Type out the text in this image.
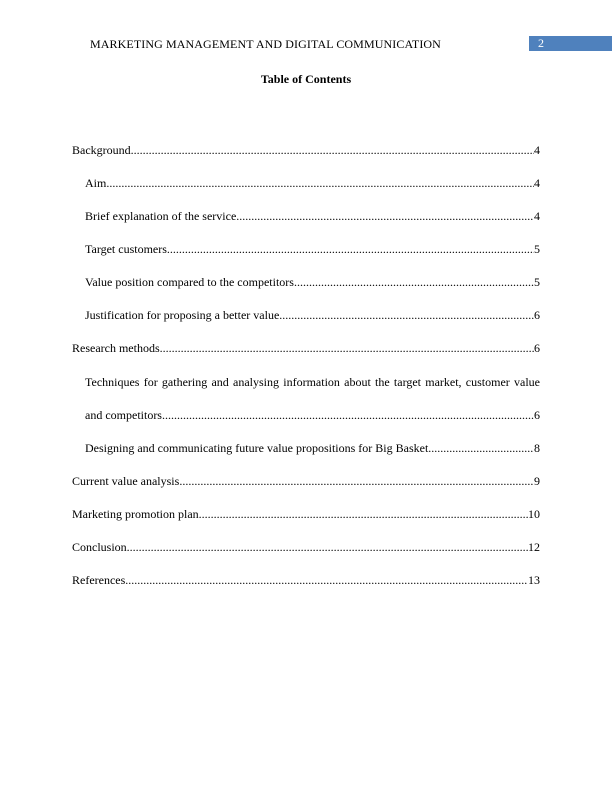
MARKETING MANAGEMENT AND DIGITAL COMMUNICATION	2
Table of Contents
Background .....	4
Aim .....	4
Brief explanation of the service .....	4
Target customers .....	5
Value position compared to the competitors .....	5
Justification for proposing a better value .....	6
Research methods .....	6
Techniques for gathering and analysing information about the target market, customer value
and competitors .....	6
Designing and communicating future value propositions for Big Basket .....	8
Current value analysis .....	9
Marketing promotion plan .....	10
Conclusion .....	12
References .....	13
